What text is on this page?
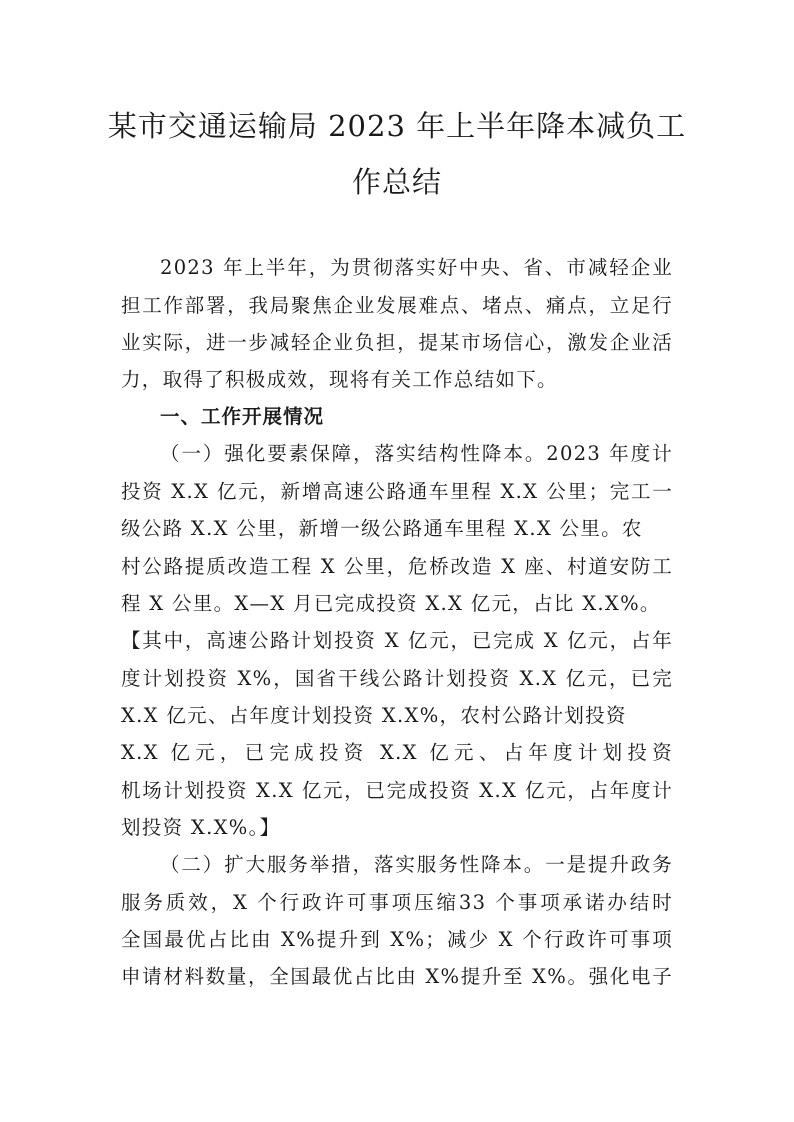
某市交通运输局 2023 年上半年降本减负工
作总结
2023 年上半年，为贯彻落实好中央、省、市减轻企业
担工作部署，我局聚焦企业发展难点、堵点、痛点，立足行
业实际，进一步减轻企业负担，提某市场信心，激发企业活
力，取得了积极成效，现将有关工作总结如下。
一、工作开展情况
（一）强化要素保障，落实结构性降本。2023 年度计
投资 X.X 亿元，新增高速公路通车里程 X.X 公里；完工一
级公路 X.X 公里，新增一级公路通车里程 X.X 公里。农
村公路提质改造工程 X 公里，危桥改造 X 座、村道安防工
程 X 公里。X—X 月已完成投资 X.X 亿元，占比 X.X%。
【其中，高速公路计划投资 X 亿元，已完成 X 亿元，占年
度计划投资 X%，国省干线公路计划投资 X.X 亿元，已完
X.X 亿元、占年度计划投资 X.X%，农村公路计划投资
X.X 亿元，已完成投资 X.X 亿元、占年度计划投资
机场计划投资 X.X 亿元，已完成投资 X.X 亿元，占年度计
划投资 X.X%。】
（二）扩大服务举措，落实服务性降本。一是提升政务
服务质效，X 个行政许可事项压缩33 个事项承诺办结时
全国最优占比由 X%提升到 X%；减少 X 个行政许可事项
申请材料数量，全国最优占比由 X%提升至 X%。强化电子
